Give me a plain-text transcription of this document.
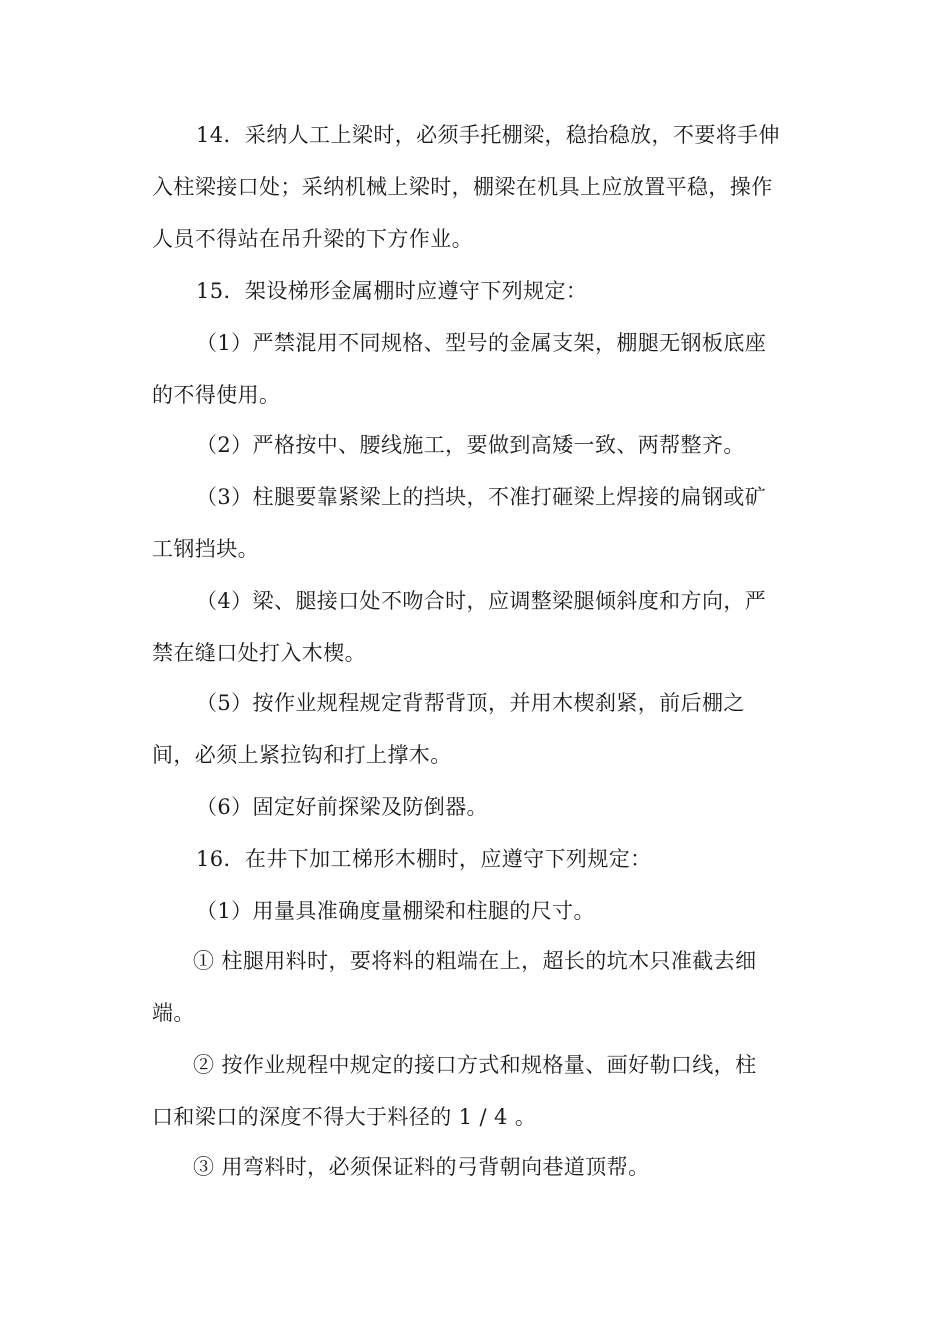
14．采纳人工上梁时，必须手托棚梁，稳抬稳放，不要将手伸
入柱梁接口处；采纳机械上梁时，棚梁在机具上应放置平稳，操作
人员不得站在吊升梁的下方作业。
15．架设梯形金属棚时应遵守下列规定：
（1）严禁混用不同规格、型号的金属支架，棚腿无钢板底座
的不得使用。
（2）严格按中、腰线施工，要做到高矮一致、两帮整齐。
（3）柱腿要靠紧梁上的挡块，不准打砸梁上焊接的扁钢或矿
工钢挡块。
（4）梁、腿接口处不吻合时，应调整梁腿倾斜度和方向，严
禁在缝口处打入木楔。
（5）按作业规程规定背帮背顶，并用木楔刹紧，前后棚之
间，必须上紧拉钩和打上撑木。
（6）固定好前探梁及防倒器。
16．在井下加工梯形木棚时，应遵守下列规定：
（1）用量具准确度量棚梁和柱腿的尺寸。
① 柱腿用料时，要将料的粗端在上，超长的坑木只准截去细
端。
② 按作业规程中规定的接口方式和规格量、画好勒口线，柱
口和梁口的深度不得大于料径的 1 / 4 。
③ 用弯料时，必须保证料的弓背朝向巷道顶帮。
